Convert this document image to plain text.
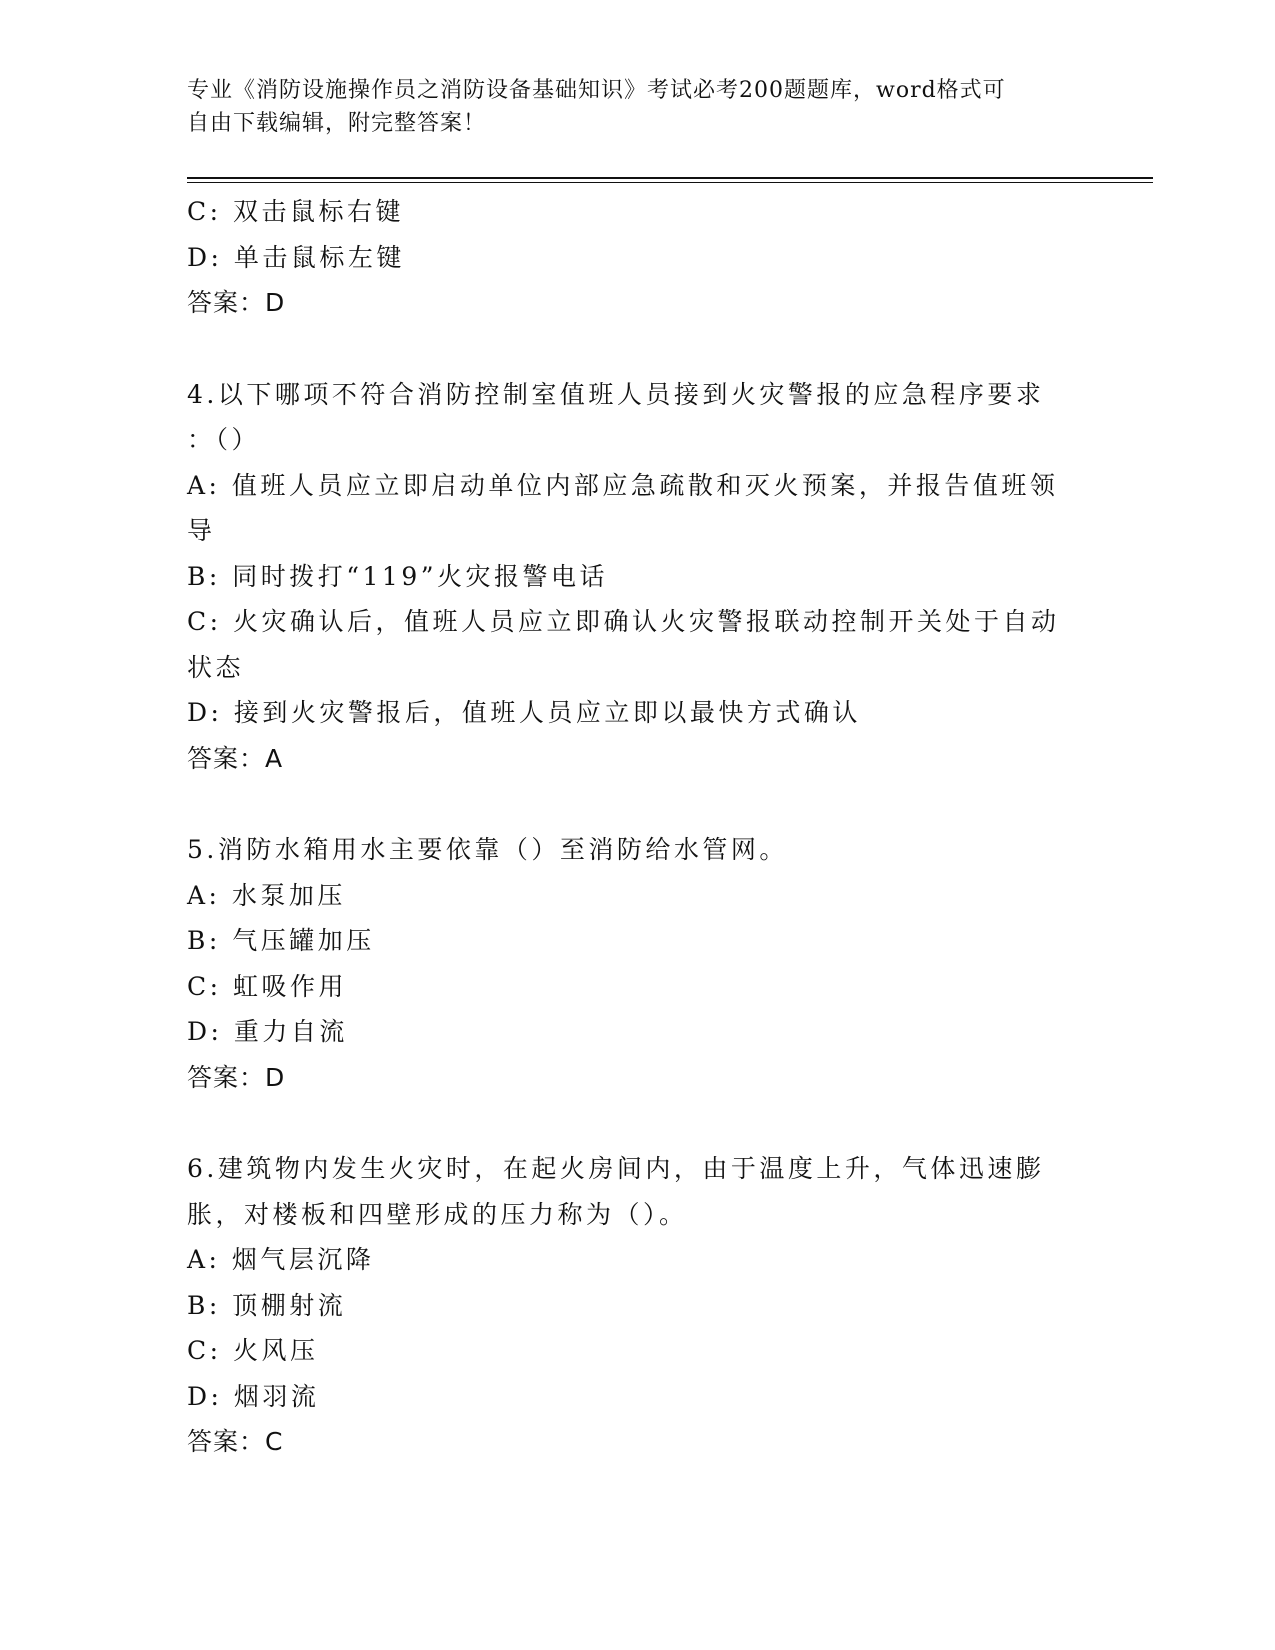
专业《消防设施操作员之消防设备基础知识》考试必考200题题库，word格式可
自由下载编辑，附完整答案！

C: 双击鼠标右键

D: 单击鼠标左键

答案：D

4.以下哪项不符合消防控制室值班人员接到火灾警报的应急程序要求

：（）

A: 值班人员应立即启动单位内部应急疏散和灭火预案，并报告值班领

导

B: 同时拨打“119”火灾报警电话

C: 火灾确认后，值班人员应立即确认火灾警报联动控制开关处于自动

状态

D: 接到火灾警报后，值班人员应立即以最快方式确认

答案：A

5.消防水箱用水主要依靠（）至消防给水管网。

A: 水泵加压

B: 气压罐加压

C: 虹吸作用

D: 重力自流

答案：D

6.建筑物内发生火灾时，在起火房间内，由于温度上升，气体迅速膨

胀，对楼板和四壁形成的压力称为（）。

A: 烟气层沉降

B: 顶棚射流

C: 火风压

D: 烟羽流

答案：C
